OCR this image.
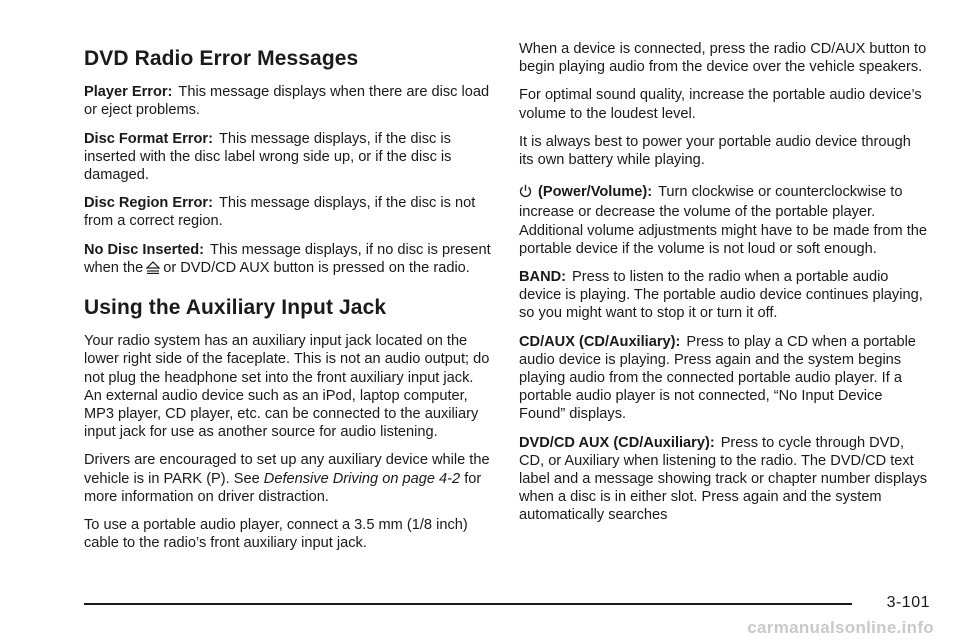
DVD Radio Error Messages

Player Error: This message displays when there are disc load or eject problems.

Disc Format Error: This message displays, if the disc is inserted with the disc label wrong side up, or if the disc is damaged.

Disc Region Error: This message displays, if the disc is not from a correct region.

No Disc Inserted: This message displays, if no disc is present when the or DVD/CD AUX button is pressed on the radio.

Using the Auxiliary Input Jack

Your radio system has an auxiliary input jack located on the lower right side of the faceplate. This is not an audio output; do not plug the headphone set into the front auxiliary input jack. An external audio device such as an iPod, laptop computer, MP3 player, CD player, etc. can be connected to the auxiliary input jack for use as another source for audio listening.

Drivers are encouraged to set up any auxiliary device while the vehicle is in PARK (P). See Defensive Driving on page 4-2 for more information on driver distraction.

To use a portable audio player, connect a 3.5 mm (1/8 inch) cable to the radio’s front auxiliary input jack.

When a device is connected, press the radio CD/AUX button to begin playing audio from the device over the vehicle speakers.

For optimal sound quality, increase the portable audio device’s volume to the loudest level.

It is always best to power your portable audio device through its own battery while playing.

(Power/Volume): Turn clockwise or counterclockwise to increase or decrease the volume of the portable player. Additional volume adjustments might have to be made from the portable device if the volume is not loud or soft enough.

BAND: Press to listen to the radio when a portable audio device is playing. The portable audio device continues playing, so you might want to stop it or turn it off.

CD/AUX (CD/Auxiliary): Press to play a CD when a portable audio device is playing. Press again and the system begins playing audio from the connected portable audio player. If a portable audio player is not connected, “No Input Device Found” displays.

DVD/CD AUX (CD/Auxiliary): Press to cycle through DVD, CD, or Auxiliary when listening to the radio. The DVD/CD text label and a message showing track or chapter number displays when a disc is in either slot. Press again and the system automatically searches

3-101
carmanualsonline.info
